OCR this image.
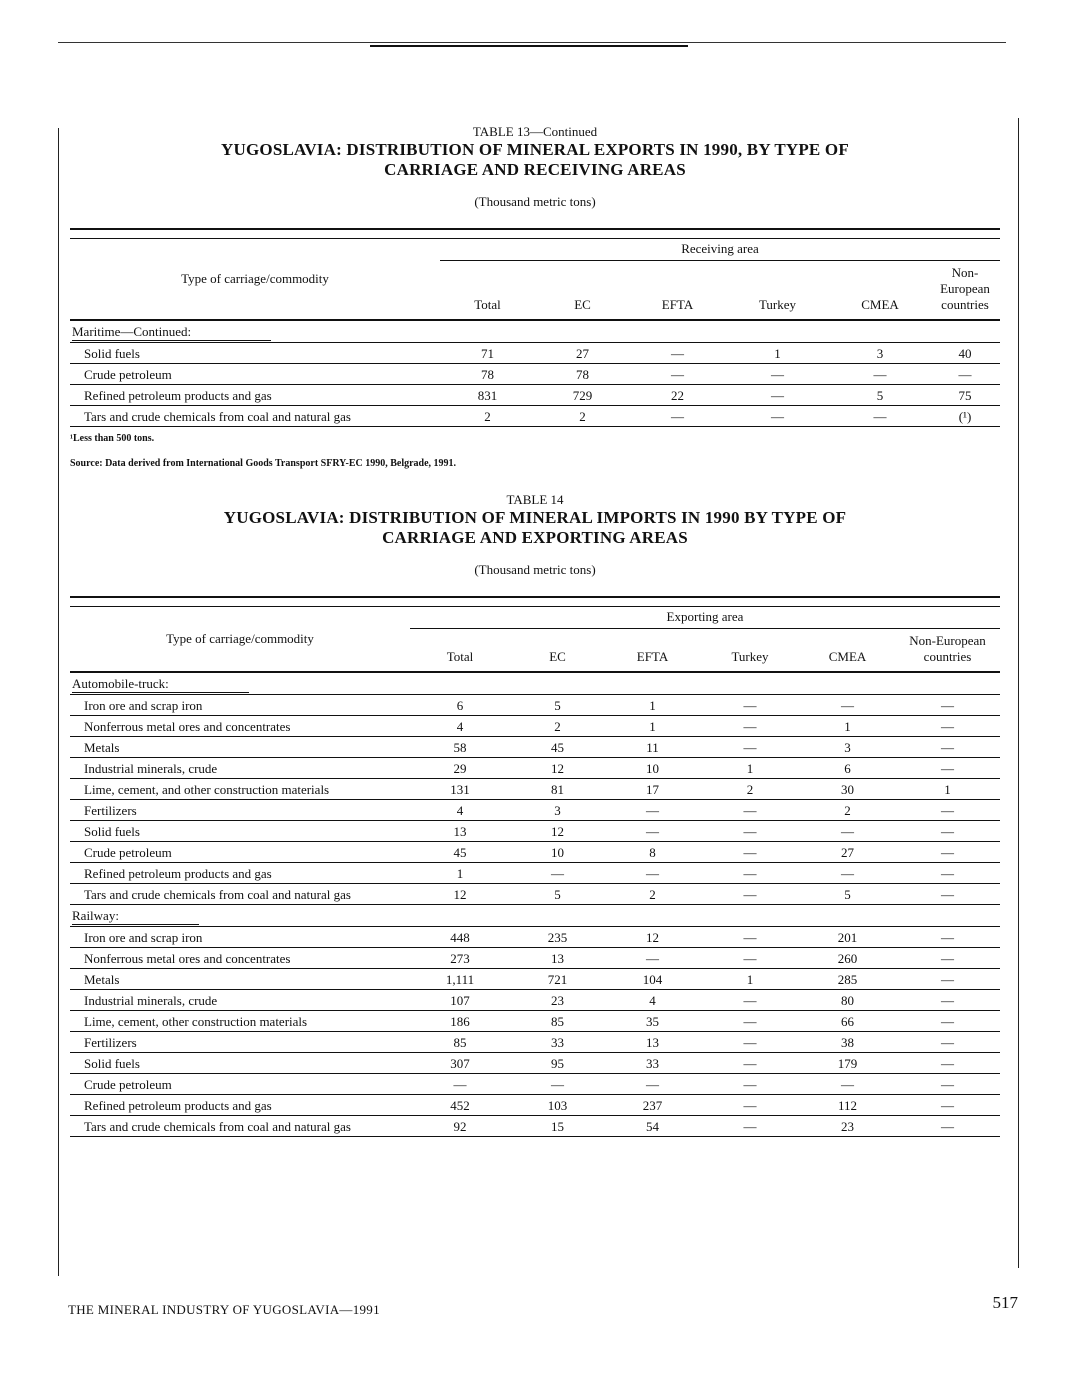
TABLE 13—Continued
YUGOSLAVIA: DISTRIBUTION OF MINERAL EXPORTS IN 1990, BY TYPE OF
CARRIAGE AND RECEIVING AREAS
(Thousand metric tons)

Type of carriage/commodity	Receiving area					
	Total	EC	EFTA	Turkey	CMEA	Non-European countries
Maritime—Continued:						
Solid fuels	71	27	—	1	3	40
Crude petroleum	78	78	—	—	—	—
Refined petroleum products and gas	831	729	22	—	5	75
Tars and crude chemicals from coal and natural gas	2	2	—	—	—	(¹)
¹Less than 500 tons.
Source: Data derived from International Goods Transport SFRY-EC 1990, Belgrade, 1991.
TABLE 14
YUGOSLAVIA: DISTRIBUTION OF MINERAL IMPORTS IN 1990 BY TYPE OF
CARRIAGE AND EXPORTING AREAS
(Thousand metric tons)

Type of carriage/commodity	Exporting area					
	Total	EC	EFTA	Turkey	CMEA	Non-European countries
Automobile-truck:						
Iron ore and scrap iron	6	5	1	—	—	—
Nonferrous metal ores and concentrates	4	2	1	—	1	—
Metals	58	45	11	—	3	—
Industrial minerals, crude	29	12	10	1	6	—
Lime, cement, and other construction materials	131	81	17	2	30	1
Fertilizers	4	3	—	—	2	—
Solid fuels	13	12	—	—	—	—
Crude petroleum	45	10	8	—	27	—
Refined petroleum products and gas	1	—	—	—	—	—
Tars and crude chemicals from coal and natural gas	12	5	2	—	5	—
Railway:						
Iron ore and scrap iron	448	235	12	—	201	—
Nonferrous metal ores and concentrates	273	13	—	—	260	—
Metals	1,111	721	104	1	285	—
Industrial minerals, crude	107	23	4	—	80	—
Lime, cement, other construction materials	186	85	35	—	66	—
Fertilizers	85	33	13	—	38	—
Solid fuels	307	95	33	—	179	—
Crude petroleum	—	—	—	—	—	—
Refined petroleum products and gas	452	103	237	—	112	—
Tars and crude chemicals from coal and natural gas	92	15	54	—	23	—
THE MINERAL INDUSTRY OF YUGOSLAVIA—1991	517
